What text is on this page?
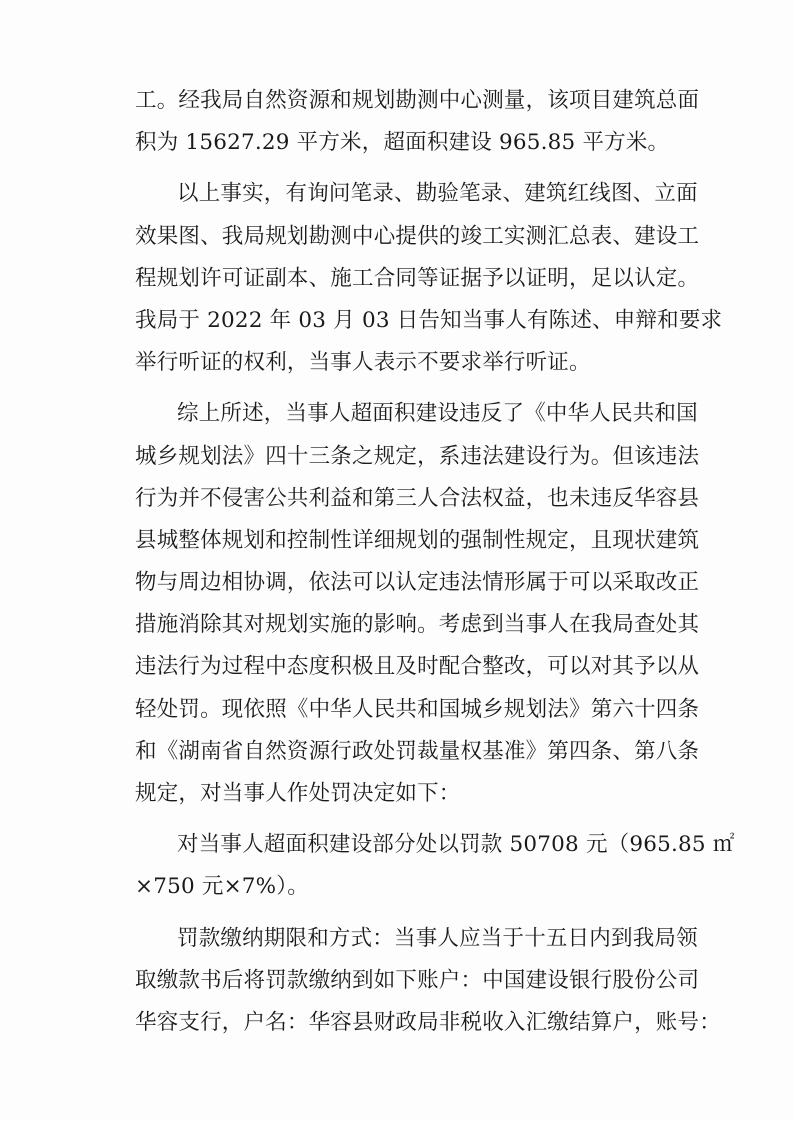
工。经我局自然资源和规划勘测中心测量，该项目建筑总面
积为 15627.29 平方米，超面积建设 965.85 平方米。
以上事实，有询问笔录、勘验笔录、建筑红线图、立面
效果图、我局规划勘测中心提供的竣工实测汇总表、建设工
程规划许可证副本、施工合同等证据予以证明，足以认定。
我局于 2022 年 03 月 03 日告知当事人有陈述、申辩和要求
举行听证的权利，当事人表示不要求举行听证。
综上所述，当事人超面积建设违反了《中华人民共和国
城乡规划法》四十三条之规定，系违法建设行为。但该违法
行为并不侵害公共利益和第三人合法权益，也未违反华容县
县城整体规划和控制性详细规划的强制性规定，且现状建筑
物与周边相协调，依法可以认定违法情形属于可以采取改正
措施消除其对规划实施的影响。考虑到当事人在我局查处其
违法行为过程中态度积极且及时配合整改，可以对其予以从
轻处罚。现依照《中华人民共和国城乡规划法》第六十四条
和《湖南省自然资源行政处罚裁量权基准》第四条、第八条
规定，对当事人作处罚决定如下：
对当事人超面积建设部分处以罚款 50708 元（965.85 ㎡
×750 元×7%）。
罚款缴纳期限和方式：当事人应当于十五日内到我局领
取缴款书后将罚款缴纳到如下账户：中国建设银行股份公司
华容支行，户名：华容县财政局非税收入汇缴结算户，账号：
